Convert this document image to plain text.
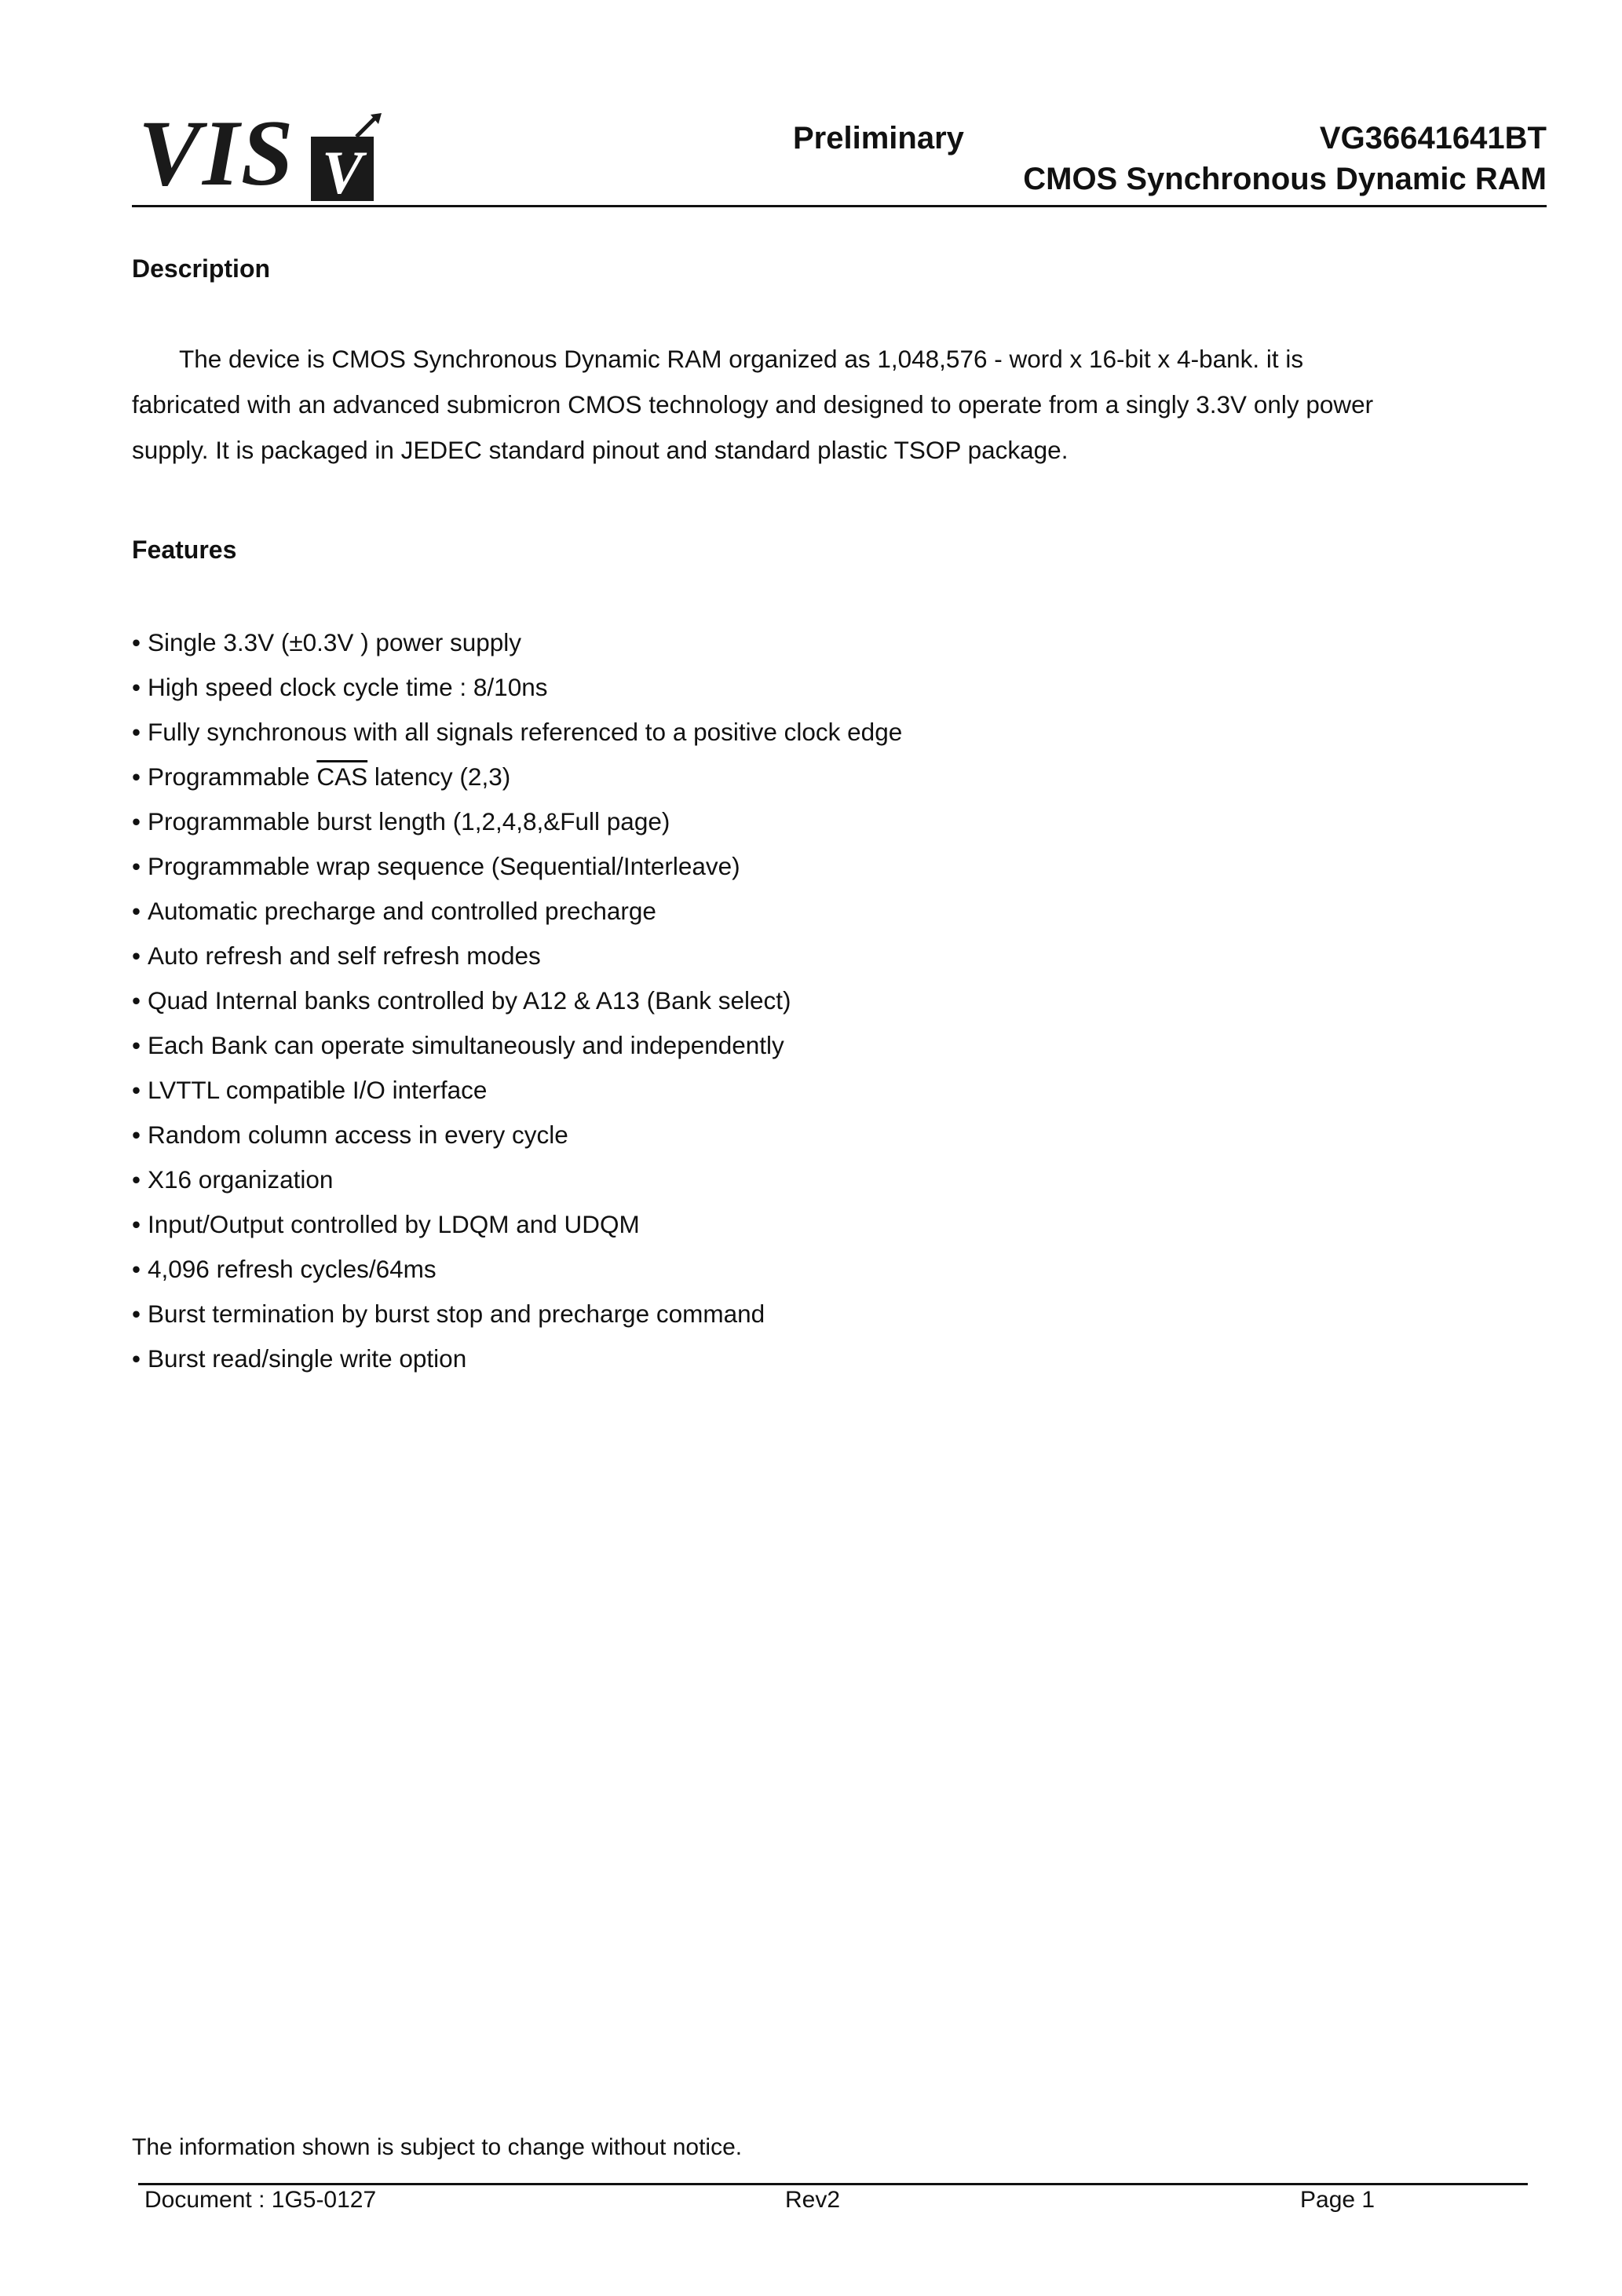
VIS V	Preliminary	VG36641641BT
CMOS Synchronous Dynamic RAM
Description

The device is CMOS Synchronous Dynamic RAM organized as 1,048,576 - word x 16-bit x 4-bank. it is fabricated with an advanced submicron CMOS technology and designed to operate from a singly 3.3V only power supply. It is packaged in JEDEC standard pinout and standard plastic TSOP package.

Features
• Single 3.3V (±0.3V ) power supply
• High speed clock cycle time : 8/10ns
• Fully synchronous with all signals referenced to a positive clock edge
• Programmable $\overline{CAS}$ latency (2,3)
• Programmable burst length (1,2,4,8,&Full page)
• Programmable wrap sequence (Sequential/Interleave)
• Automatic precharge and controlled precharge
• Auto refresh and self refresh modes
• Quad Internal banks controlled by A12 & A13 (Bank select)
• Each Bank can operate simultaneously and independently
• LVTTL compatible I/O interface
• Random column access in every cycle
• X16 organization
• Input/Output controlled by LDQM and UDQM
• 4,096 refresh cycles/64ms
• Burst termination by burst stop and precharge command
• Burst read/single write option
The information shown is subject to change without notice.
Document : 1G5-0127	Rev2	Page 1
